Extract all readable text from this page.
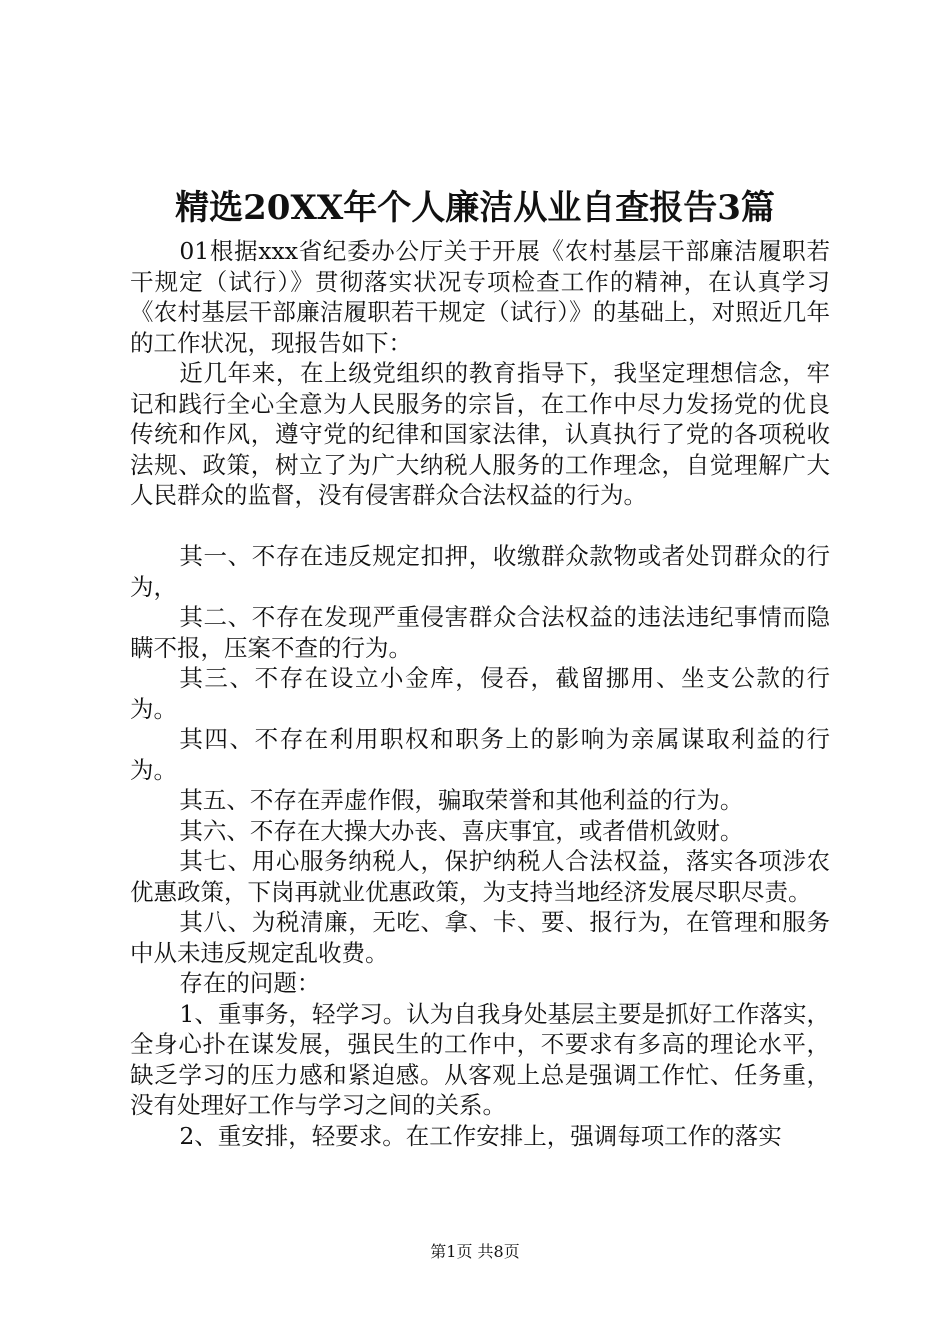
精选20XX年个人廉洁从业自查报告3篇

01根据xxx省纪委办公厅关于开展《农村基层干部廉洁履职若干规定（试行）》贯彻落实状况专项检查工作的精神，在认真学习《农村基层干部廉洁履职若干规定（试行）》的基础上，对照近几年的工作状况，现报告如下：

近几年来，在上级党组织的教育指导下，我坚定理想信念，牢记和践行全心全意为人民服务的宗旨，在工作中尽力发扬党的优良传统和作风，遵守党的纪律和国家法律，认真执行了党的各项税收法规、政策，树立了为广大纳税人服务的工作理念，自觉理解广大人民群众的监督，没有侵害群众合法权益的行为。

其一、不存在违反规定扣押，收缴群众款物或者处罚群众的行为，

其二、不存在发现严重侵害群众合法权益的违法违纪事情而隐瞒不报，压案不查的行为。

其三、不存在设立小金库，侵吞，截留挪用、坐支公款的行为。

其四、不存在利用职权和职务上的影响为亲属谋取利益的行为。

其五、不存在弄虚作假，骗取荣誉和其他利益的行为。

其六、不存在大操大办丧、喜庆事宜，或者借机敛财。

其七、用心服务纳税人，保护纳税人合法权益，落实各项涉农优惠政策，下岗再就业优惠政策，为支持当地经济发展尽职尽责。

其八、为税清廉，无吃、拿、卡、要、报行为，在管理和服务中从未违反规定乱收费。

存在的问题：

1、重事务，轻学习。认为自我身处基层主要是抓好工作落实，全身心扑在谋发展，强民生的工作中，不要求有多高的理论水平，缺乏学习的压力感和紧迫感。从客观上总是强调工作忙、任务重，没有处理好工作与学习之间的关系。

2、重安排，轻要求。在工作安排上，强调每项工作的落实

第1页 共8页
